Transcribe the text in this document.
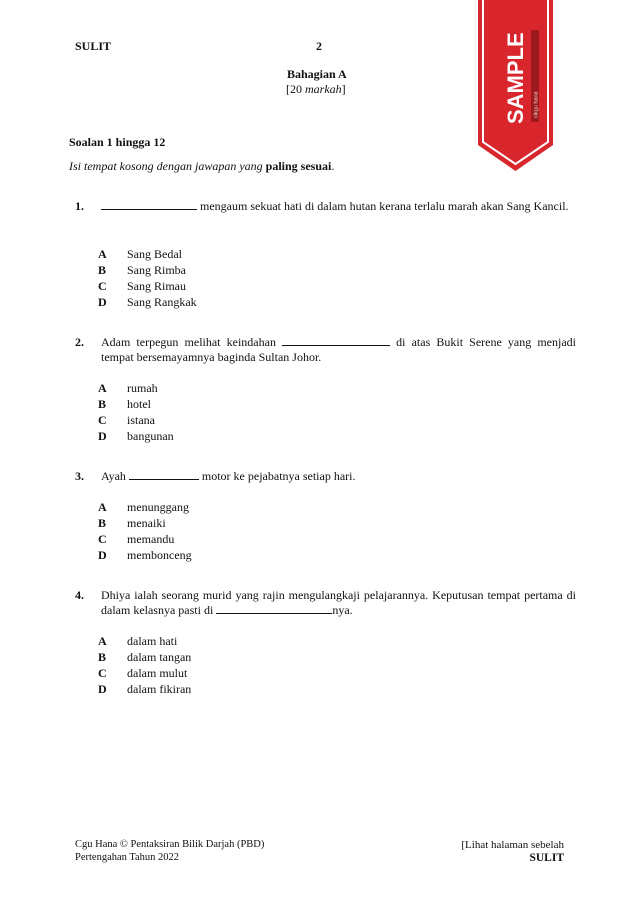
SULIT	2
Bahagian A
[20 markah]
Soalan 1 hingga 12
Isi tempat kosong dengan jawapan yang paling sesuai.
SAMPLE cikgu hana
1.	mengaum sekuat hati di dalam hutan kerana terlalu marah akan Sang Kancil.
A Sang Bedal
B Sang Rimba
C Sang Rimau
D Sang Rangkak
2. Adam terpegun melihat keindahan	di atas Bukit Serene yang menjadi tempat bersemayamnya baginda Sultan Johor.
A rumah
B hotel
C istana
D bangunan
3. Ayah	motor ke pejabatnya setiap hari.
A menunggang
B menaiki
C memandu
D membonceng
4. Dhiya ialah seorang murid yang rajin mengulangkaji pelajarannya. Keputusan tempat pertama di dalam kelasnya pasti di	nya.
A dalam hati
B dalam tangan
C dalam mulut
D dalam fikiran
Cgu Hana © Pentaksiran Bilik Darjah (PBD)
Pertengahan Tahun 2022
[Lihat halaman sebelah
SULIT
